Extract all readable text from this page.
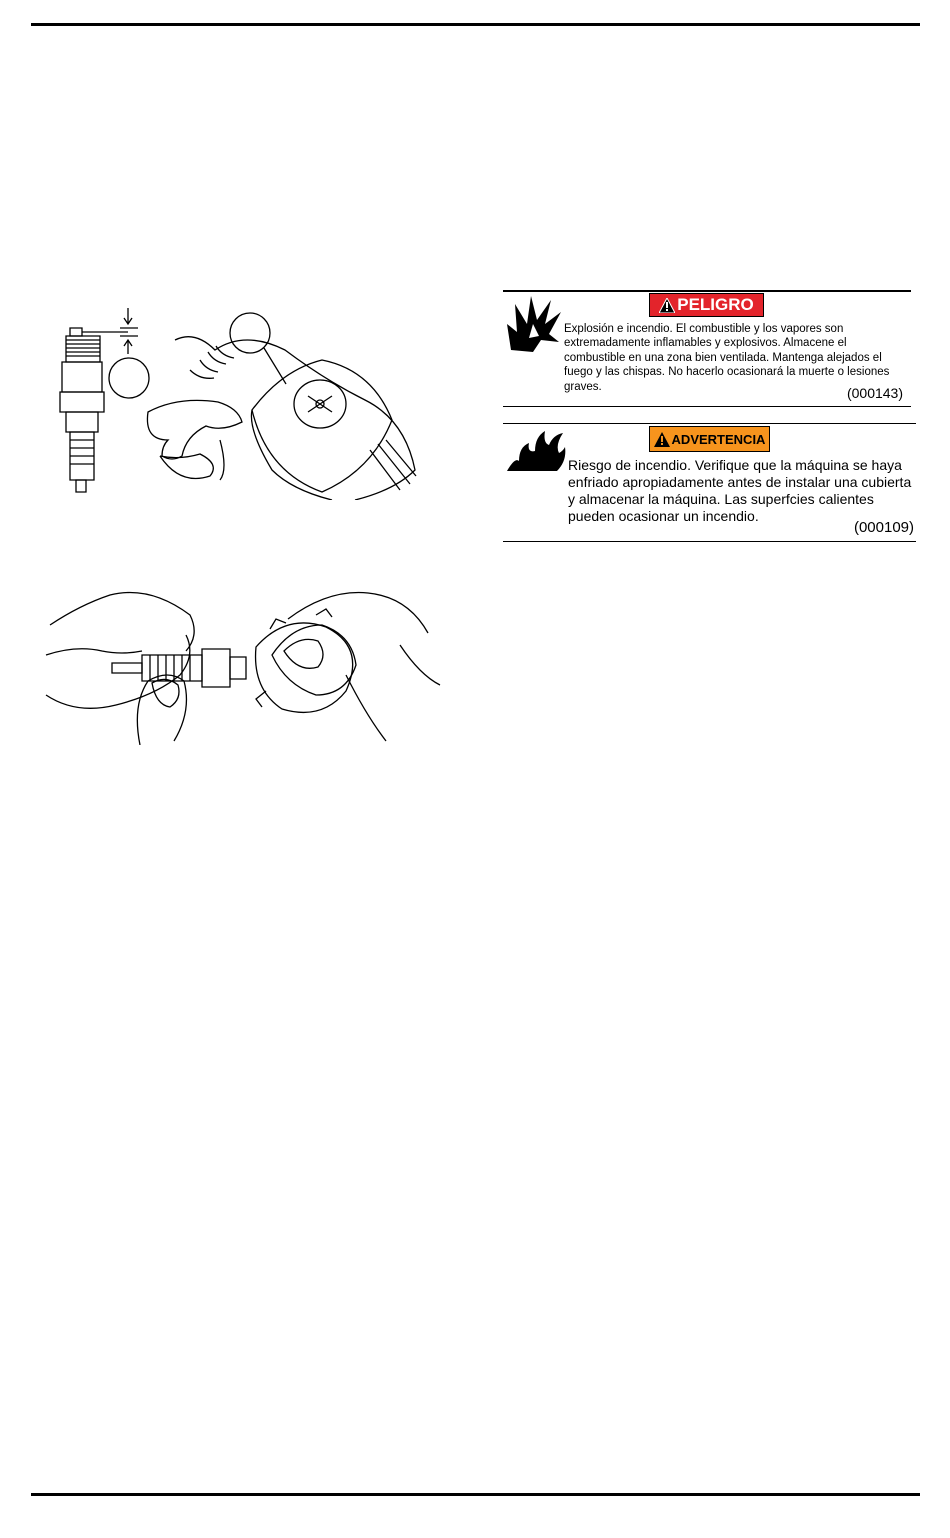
PELIGRO
Explosión e incendio. El combustible y los vapores son extremadamente inflamables y explosivos. Almacene el combustible en una zona bien ventilada. Mantenga alejados el fuego y las chispas. No hacerlo ocasionará la muerte o lesiones graves.	(000143)
ADVERTENCIA
Riesgo de incendio. Verifique que la máquina se haya enfriado apropiadamente antes de instalar una cubierta y almacenar la máquina. Las superfcies calientes pueden ocasionar un incendio.
(000109)
